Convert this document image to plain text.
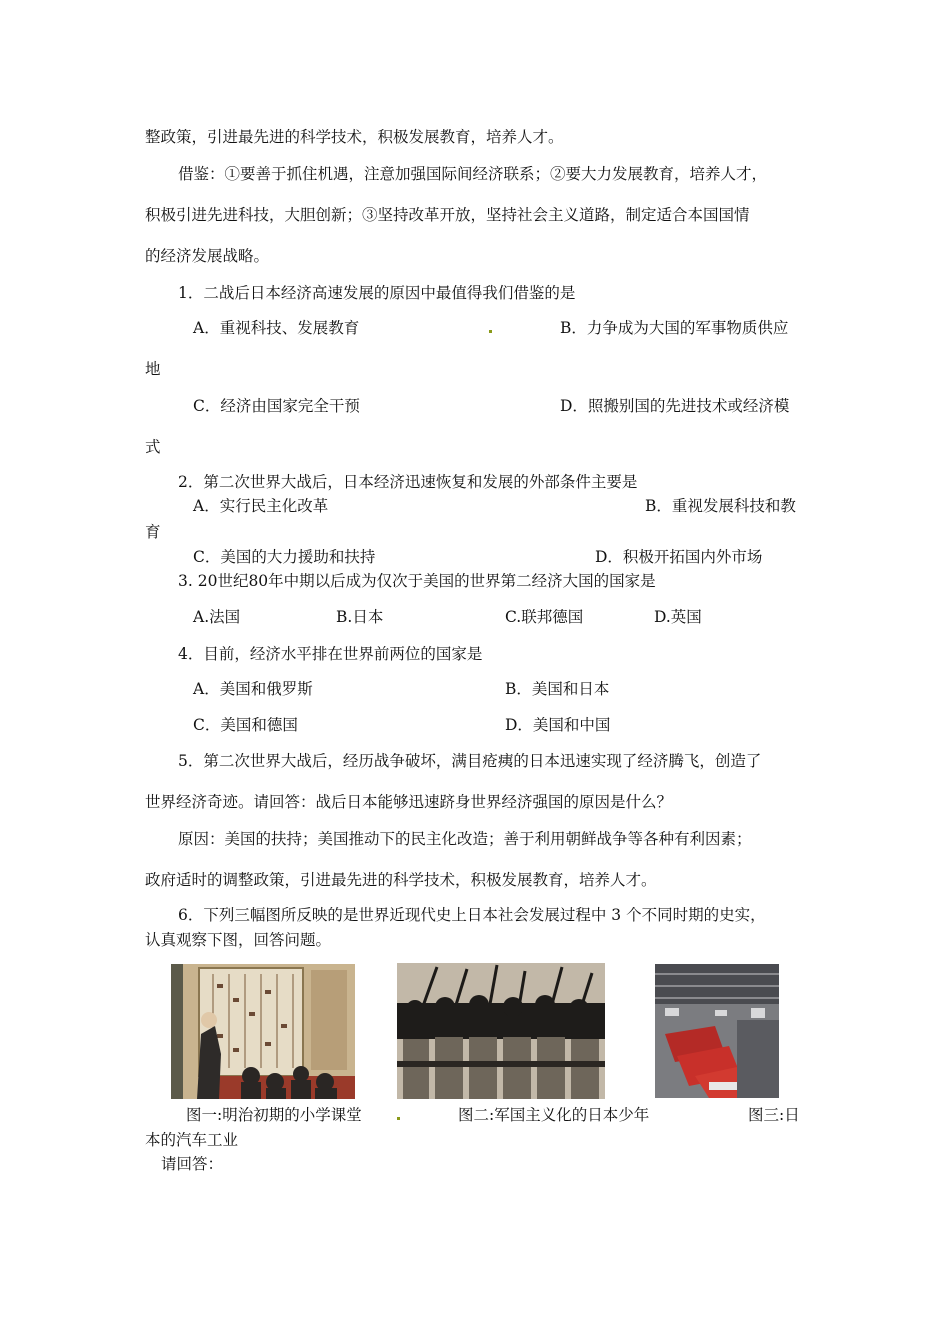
整政策，引进最先进的科学技术，积极发展教育，培养人才。
借鉴：①要善于抓住机遇，注意加强国际间经济联系；②要大力发展教育，培养人才，
积极引进先进科技，大胆创新；③坚持改革开放，坚持社会主义道路，制定适合本国国情
的经济发展战略。
1．二战后日本经济高速发展的原因中最值得我们借鉴的是
A．重视科技、发展教育	B．力争成为大国的军事物质供应
地
C．经济由国家完全干预	D．照搬别国的先进技术或经济模
式
2．第二次世界大战后，日本经济迅速恢复和发展的外部条件主要是
A．实行民主化改革	B．重视发展科技和教
育
C．美国的大力援助和扶持	D．积极开拓国内外市场
3. 20世纪80年中期以后成为仅次于美国的世界第二经济大国的国家是
A.法国	B.日本	C.联邦德国	D.英国
4．目前，经济水平排在世界前两位的国家是
A．美国和俄罗斯	B．美国和日本
C．美国和德国	D．美国和中国
5．第二次世界大战后，经历战争破坏，满目疮痍的日本迅速实现了经济腾飞，创造了
世界经济奇迹。请回答：战后日本能够迅速跻身世界经济强国的原因是什么？
原因：美国的扶持；美国推动下的民主化改造；善于利用朝鲜战争等各种有利因素；
政府适时的调整政策，引进最先进的科学技术，积极发展教育，培养人才。
6．下列三幅图所反映的是世界近现代史上日本社会发展过程中 3 个不同时期的史实，
认真观察下图，回答问题。
图一:明治初期的小学课堂	图二:军国主义化的日本少年	图三:日
本的汽车工业
请回答：
